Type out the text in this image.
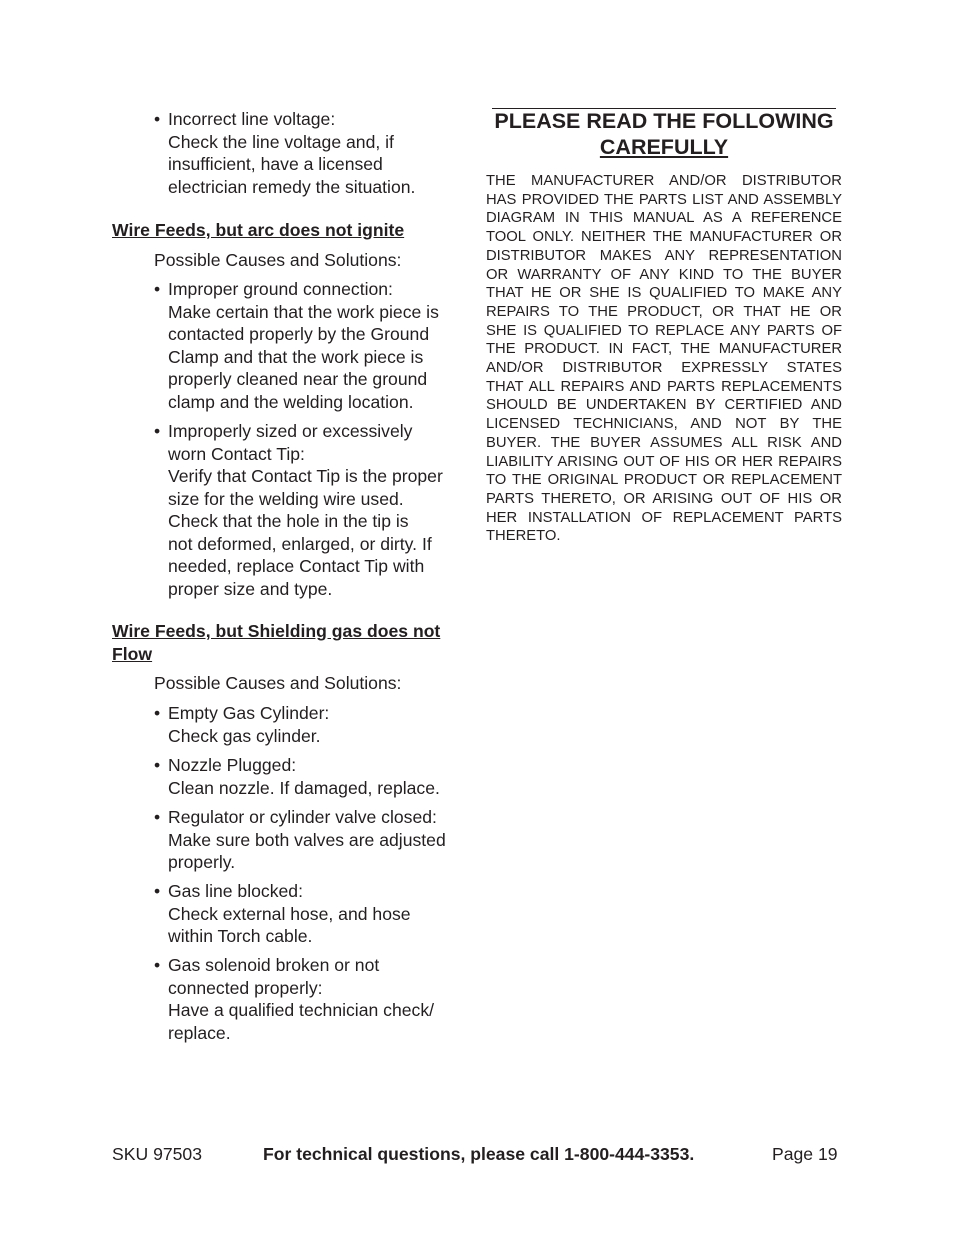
• Incorrect line voltage:
Check the line voltage and, if
insufficient, have a licensed
electrician remedy the situation.
Wire Feeds, but arc does not ignite
Possible Causes and Solutions:
• Improper ground connection:
Make certain that the work piece is
contacted properly by the Ground
Clamp and that the work piece is
properly cleaned near the ground
clamp and the welding location.
• Improperly sized or excessively
worn Contact Tip:
Verify that Contact Tip is the proper
size for the welding wire used.
Check that the hole in the tip is
not deformed, enlarged, or dirty. If
needed, replace Contact Tip with
proper size and type.
Wire Feeds, but Shielding gas does not
Flow
Possible Causes and Solutions:
• Empty Gas Cylinder:
Check gas cylinder.
• Nozzle Plugged:
Clean nozzle. If damaged, replace.
• Regulator or cylinder valve closed:
Make sure both valves are adjusted
properly.
• Gas line blocked:
Check external hose, and hose
within Torch cable.
• Gas solenoid broken or not
connected properly:
Have a qualified technician check/
replace.
PLEASE READ THE FOLLOWING
CAREFULLY
THE MANUFACTURER AND/OR DISTRIBUTOR
HAS PROVIDED THE PARTS LIST AND ASSEMBLY
DIAGRAM IN THIS MANUAL AS A REFERENCE
TOOL ONLY. NEITHER THE MANUFACTURER OR
DISTRIBUTOR MAKES ANY REPRESENTATION
OR WARRANTY OF ANY KIND TO THE BUYER
THAT HE OR SHE IS QUALIFIED TO MAKE ANY
REPAIRS TO THE PRODUCT, OR THAT HE OR
SHE IS QUALIFIED TO REPLACE ANY PARTS OF
THE PRODUCT. IN FACT, THE MANUFACTURER
AND/OR DISTRIBUTOR EXPRESSLY STATES
THAT ALL REPAIRS AND PARTS REPLACEMENTS
SHOULD BE UNDERTAKEN BY CERTIFIED AND
LICENSED TECHNICIANS, AND NOT BY THE
BUYER. THE BUYER ASSUMES ALL RISK AND
LIABILITY ARISING OUT OF HIS OR HER REPAIRS
TO THE ORIGINAL PRODUCT OR REPLACEMENT
PARTS THERETO, OR ARISING OUT OF HIS OR
HER INSTALLATION OF REPLACEMENT PARTS
THERETO.
SKU 97503	For technical questions, please call 1-800-444-3353.	Page 19
